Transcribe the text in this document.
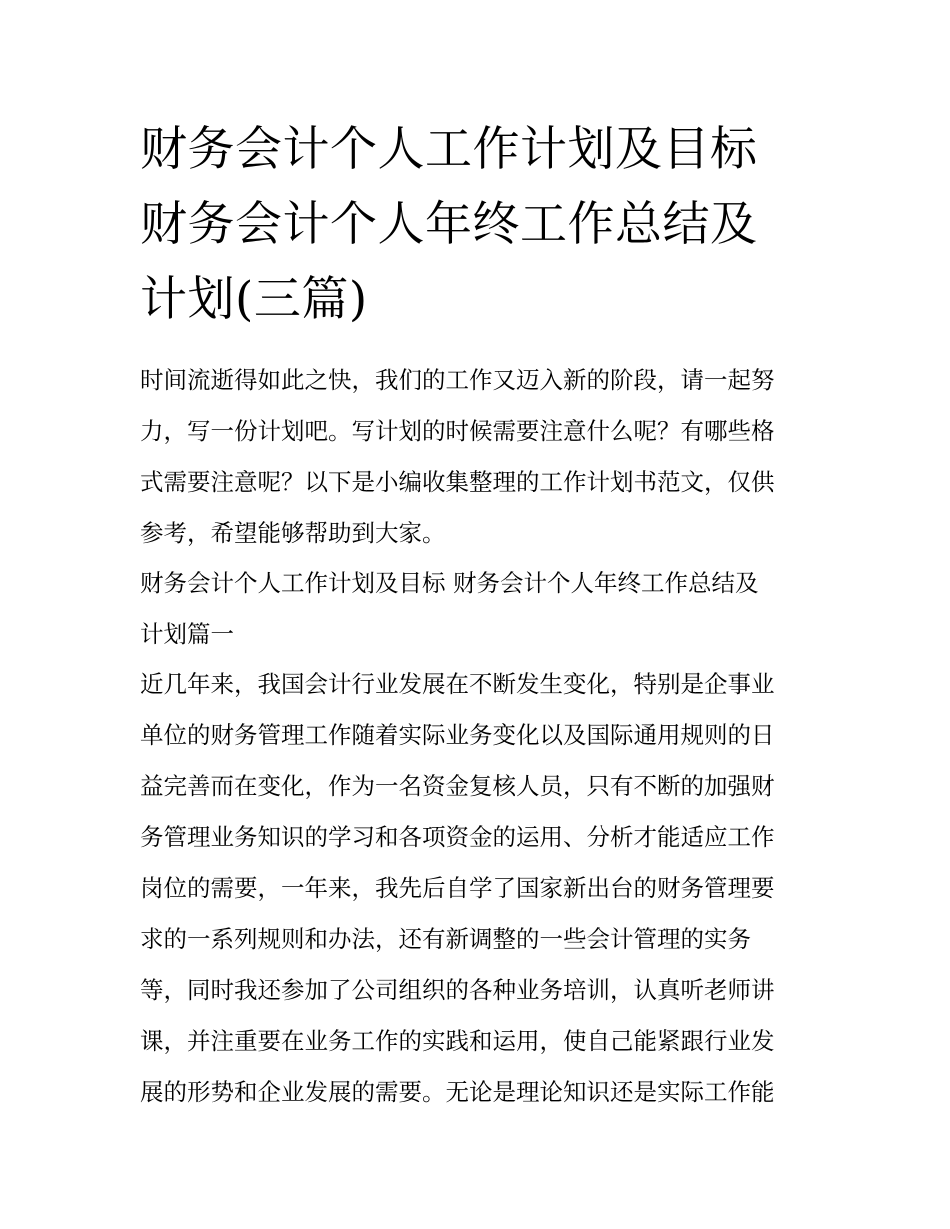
财务会计个人工作计划及目标
财务会计个人年终工作总结及
计划(三篇)

时间流逝得如此之快，我们的工作又迈入新的阶段，请一起努
力，写一份计划吧。写计划的时候需要注意什么呢？有哪些格
式需要注意呢？以下是小编收集整理的工作计划书范文，仅供
参考，希望能够帮助到大家。

财务会计个人工作计划及目标 财务会计个人年终工作总结及
计划篇一

近几年来，我国会计行业发展在不断发生变化，特别是企事业
单位的财务管理工作随着实际业务变化以及国际通用规则的日
益完善而在变化，作为一名资金复核人员，只有不断的加强财
务管理业务知识的学习和各项资金的运用、分析才能适应工作
岗位的需要，一年来，我先后自学了国家新出台的财务管理要
求的一系列规则和办法，还有新调整的一些会计管理的实务
等，同时我还参加了公司组织的各种业务培训，认真听老师讲
课，并注重要在业务工作的实践和运用，使自己能紧跟行业发
展的形势和企业发展的需要。无论是理论知识还是实际工作能
